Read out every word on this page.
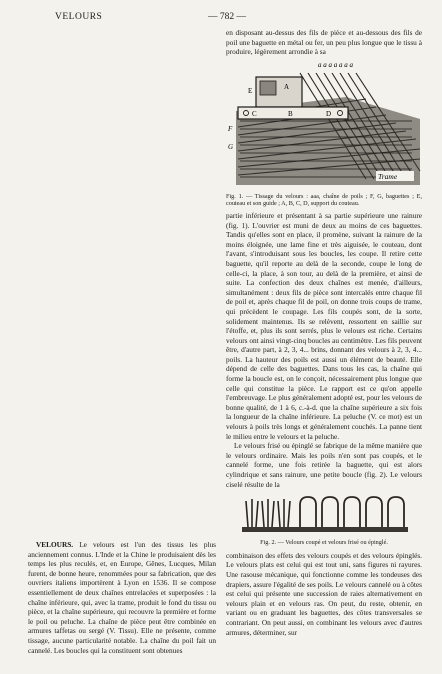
VELOURS	— 782 —

VELOURS. Le velours est l'un des tissus les plus anciennement connus. L'Inde et la Chine le produisaient dès les temps les plus reculés, et, en Europe, Gênes, Lucques, Milan furent, de bonne heure, renommées pour sa fabrication, que des ouvriers italiens importèrent à Lyon en 1536. Il se compose essentiellement de deux chaînes entrelacées et superposées : la chaîne inférieure, qui, avec la trame, produit le fond du tissu ou pièce, et la chaîne supérieure, qui recouvre la première et forme le poil ou peluche. La chaîne de pièce peut être combinée en armures taffetas ou sergé (V. Tissu). Elle ne présente, comme tissage, aucune particularité notable. La chaîne du poil fait un cannelé. Les boucles qui la constituent sont obtenues

en disposant au-dessus des fils de pièce et au-dessous des fils de poil une baguette en métal ou fer, un peu plus longue que le tissu à produire, légèrement arrondie à sa

a a a a a a a
A
E
C	B	D
F
G
Trame

Fig. 1. — Tissage du velours : aaa, chaîne de poils ; F, G, baguettes ; E, couteau et son guide ; A, B, C, D, support du couteau.

partie inférieure et présentant à sa partie supérieure une rainure (fig. 1). L'ouvrier est muni de deux au moins de ces baguettes. Tandis qu'elles sont en place, il promène, suivant la rainure de la moins éloignée, une lame fine et très aiguisée, le couteau, dont l'avant, s'introduisant sous les boucles, les coupe. Il retire cette baguette, qu'il reporte au delà de la seconde, coupe le long de celle-ci, la place, à son tour, au delà de la première, et ainsi de suite. La confection des deux chaînes est menée, d'ailleurs, simultanément : deux fils de pièce sont intercalés entre chaque fil de poil et, après chaque fil de poil, on donne trois coups de trame, qui précèdent le coupage. Les fils coupés sont, de la sorte, solidement maintenus. Ils se relèvent, ressortent en saillie sur l'étoffe, et, plus ils sont serrés, plus le velours est riche. Certains velours ont ainsi vingt-cinq boucles au centimètre. Les fils peuvent être, d'autre part, à 2, 3, 4... brins, donnant des velours à 2, 3, 4... poils. La hauteur des poils est aussi un élément de beauté. Elle dépend de celle des baguettes. Dans tous les cas, la chaîne qui forme la boucle est, on le conçoit, nécessairement plus longue que celle qui constitue la pièce. Le rapport est ce qu'on appelle l'embreuvage. Le plus généralement adopté est, pour les velours de bonne qualité, de 1 à 6, c.-à-d. que la chaîne supérieure a six fois la longueur de la chaîne inférieure. La peluche (V. ce mot) est un velours à poils très longs et généralement couchés. La panne tient le milieu entre le velours et la peluche.

Le velours frisé ou épinglé se fabrique de la même manière que le velours ordinaire. Mais les poils n'en sont pas coupés, et le cannelé forme, une fois retirée la baguette, qui est alors cylindrique et sans rainure, une petite boucle (fig. 2). Le velours ciselé résulte de la

Fig. 2. — Velours coupé et velours frisé ou épinglé.

combinaison des effets des velours coupés et des velours épinglés. Le velours plats est celui qui est tout uni, sans figures ni rayures. Une rasouse mécanique, qui fonctionne comme les tondeuses des drapiers, assure l'égalité de ses poils. Le velours cannelé ou à côtes est celui qui présente une succession de raies alternativement en velours plain et en velours ras. On peut, du reste, obtenir, en variant ou en graduant les baguettes, des côtes transversales se contrariant. On peut aussi, en combinant les velours avec d'autres armures, déterminer, sur
